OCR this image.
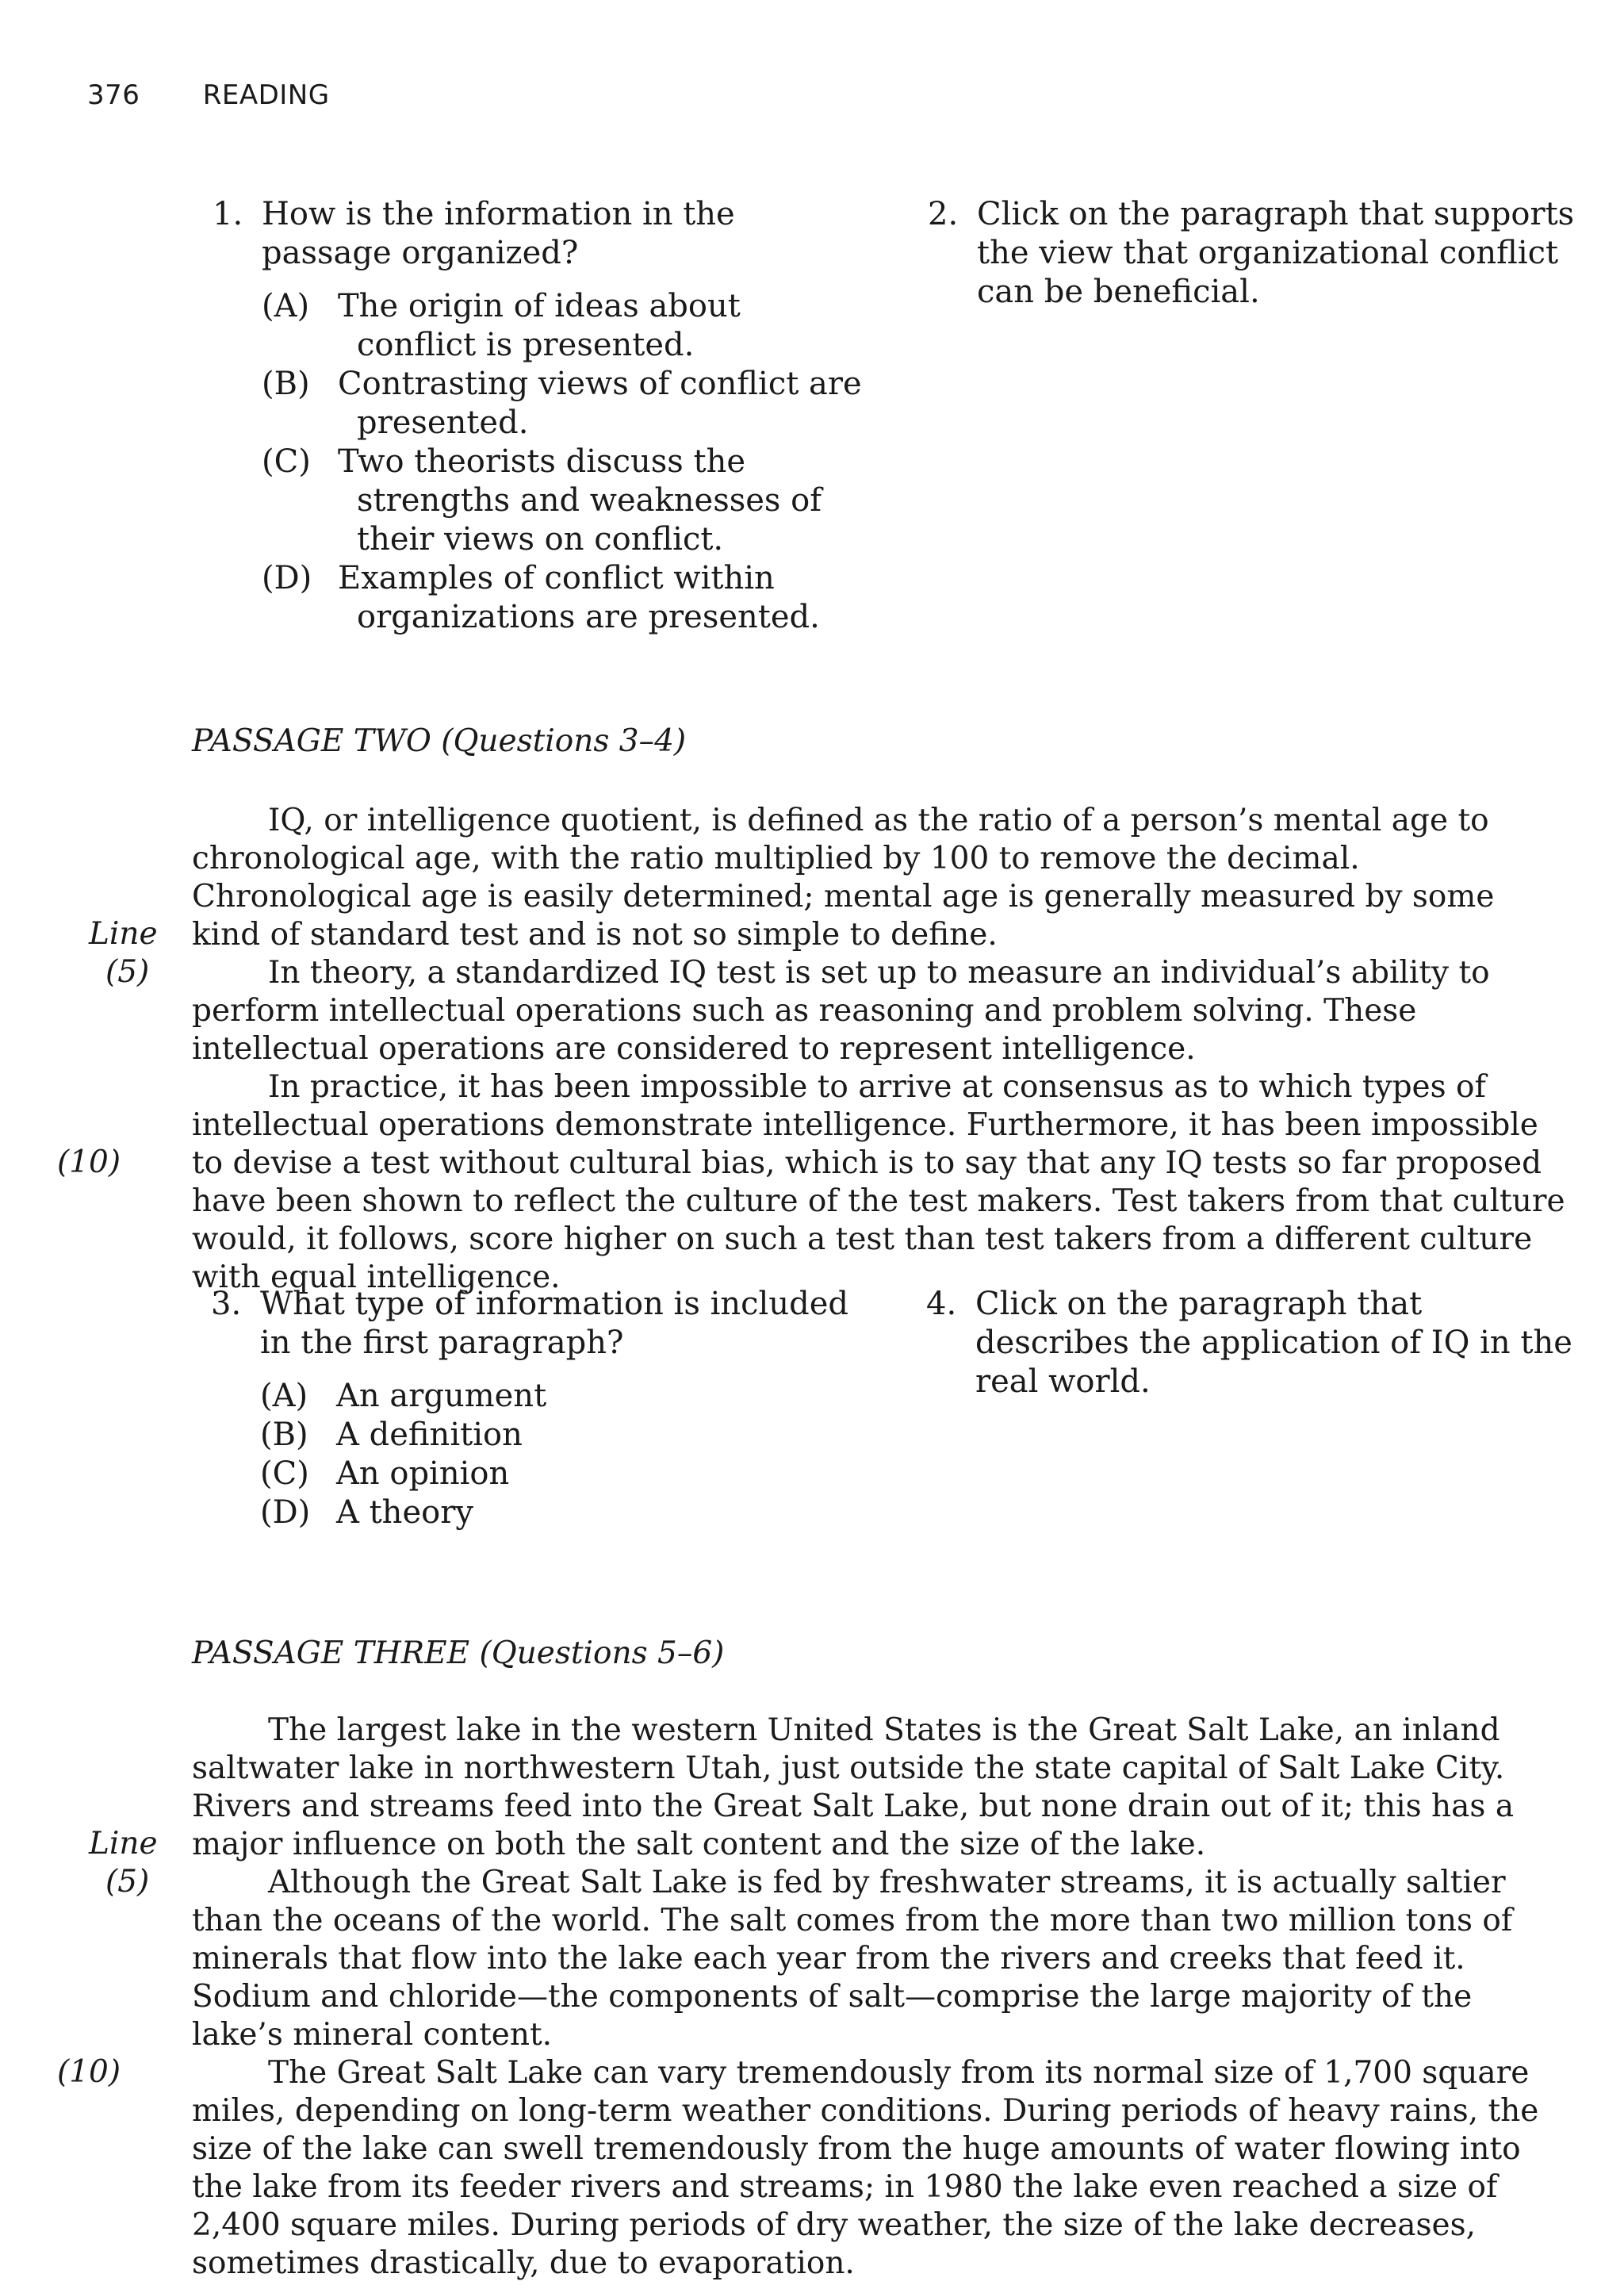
376 READING
1. How is the information in the passage organized?
(A) The origin of ideas about conflict is presented.
(B) Contrasting views of conflict are presented.
(C) Two theorists discuss the strengths and weaknesses of their views on conflict.
(D) Examples of conflict within organizations are presented.
2. Click on the paragraph that supports the view that organizational conflict can be beneficial.
PASSAGE TWO (Questions 3–4)

IQ, or intelligence quotient, is defined as the ratio of a person’s mental age to chronological age, with the ratio multiplied by 100 to remove the decimal. Chronological age is easily determined; mental age is generally measured by some kind of standard test and is not so simple to define.

In theory, a standardized IQ test is set up to measure an individual’s ability to perform intellectual operations such as reasoning and problem solving. These intellectual operations are considered to represent intelligence.

In practice, it has been impossible to arrive at consensus as to which types of intellectual operations demonstrate intelligence. Furthermore, it has been impossible to devise a test without cultural bias, which is to say that any IQ tests so far proposed have been shown to reflect the culture of the test makers. Test takers from that culture would, it follows, score higher on such a test than test takers from a different culture with equal intelligence.

Line
(5)
(10)
3. What type of information is included in the first paragraph?
(A) An argument
(B) A definition
(C) An opinion
(D) A theory
4. Click on the paragraph that describes the application of IQ in the real world.
PASSAGE THREE (Questions 5–6)

The largest lake in the western United States is the Great Salt Lake, an inland saltwater lake in northwestern Utah, just outside the state capital of Salt Lake City. Rivers and streams feed into the Great Salt Lake, but none drain out of it; this has a major influence on both the salt content and the size of the lake.

Although the Great Salt Lake is fed by freshwater streams, it is actually saltier than the oceans of the world. The salt comes from the more than two million tons of minerals that flow into the lake each year from the rivers and creeks that feed it. Sodium and chloride—the components of salt—comprise the large majority of the lake’s mineral content.

The Great Salt Lake can vary tremendously from its normal size of 1,700 square miles, depending on long-term weather conditions. During periods of heavy rains, the size of the lake can swell tremendously from the huge amounts of water flowing into the lake from its feeder rivers and streams; in 1980 the lake even reached a size of 2,400 square miles. During periods of dry weather, the size of the lake decreases, sometimes drastically, due to evaporation.

Line
(5)
(10)
